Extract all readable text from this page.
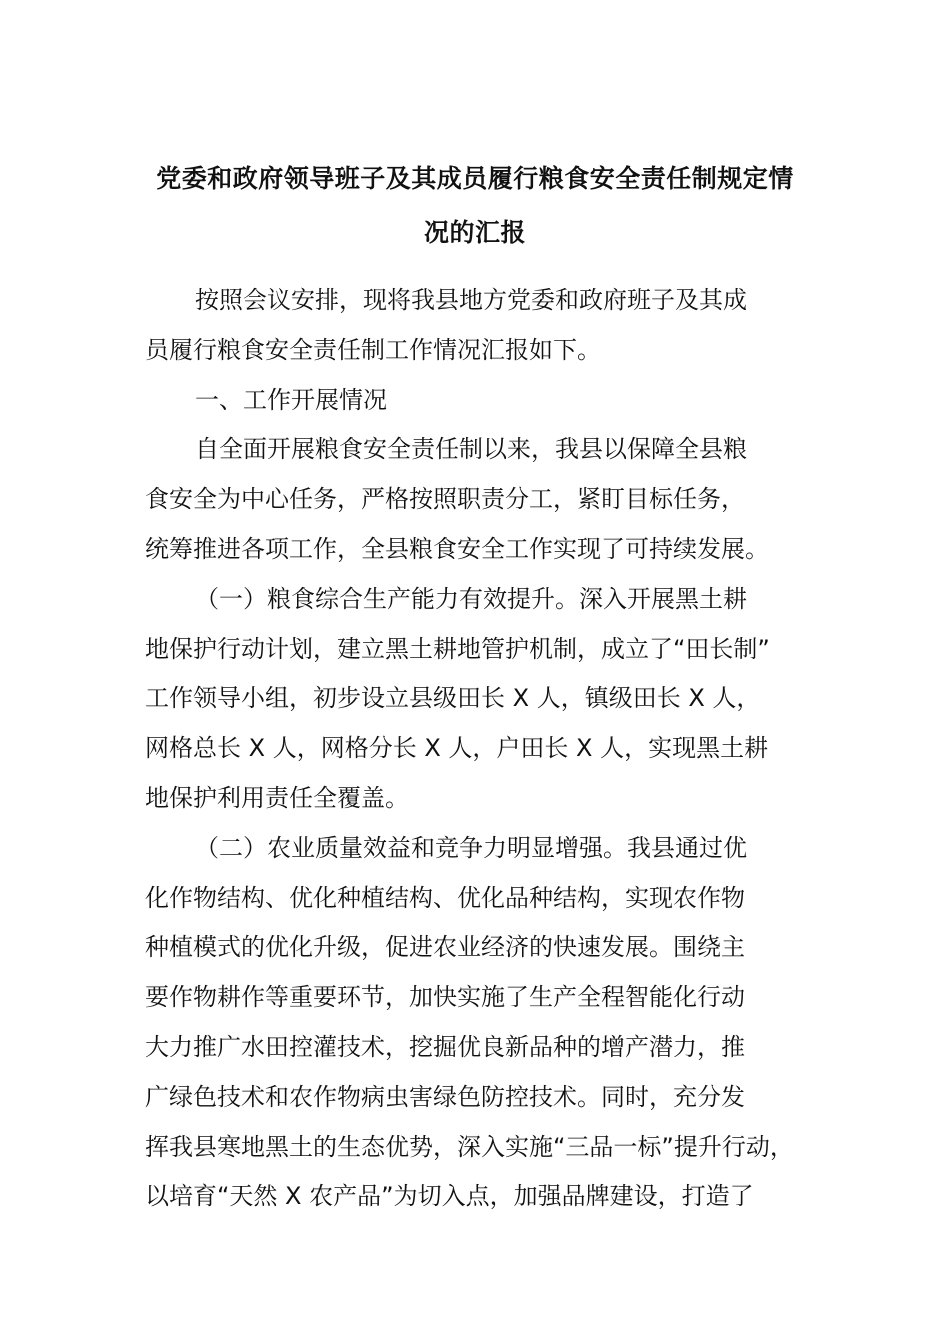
党委和政府领导班子及其成员履行粮食安全责任制规定情
况的汇报
按照会议安排，现将我县地方党委和政府班子及其成
员履行粮食安全责任制工作情况汇报如下。
一、工作开展情况
自全面开展粮食安全责任制以来，我县以保障全县粮
食安全为中心任务，严格按照职责分工，紧盯目标任务，
统筹推进各项工作，全县粮食安全工作实现了可持续发展。
（一）粮食综合生产能力有效提升。深入开展黑土耕
地保护行动计划，建立黑土耕地管护机制，成立了“田长制”
工作领导小组，初步设立县级田长 X 人，镇级田长 X 人，
网格总长 X 人，网格分长 X 人，户田长 X 人，实现黑土耕
地保护利用责任全覆盖。
（二）农业质量效益和竞争力明显增强。我县通过优
化作物结构、优化种植结构、优化品种结构，实现农作物
种植模式的优化升级，促进农业经济的快速发展。围绕主
要作物耕作等重要环节，加快实施了生产全程智能化行动
大力推广水田控灌技术，挖掘优良新品种的增产潜力，推
广绿色技术和农作物病虫害绿色防控技术。同时，充分发
挥我县寒地黑土的生态优势，深入实施“三品一标”提升行动，
以培育“天然 X 农产品”为切入点，加强品牌建设，打造了
